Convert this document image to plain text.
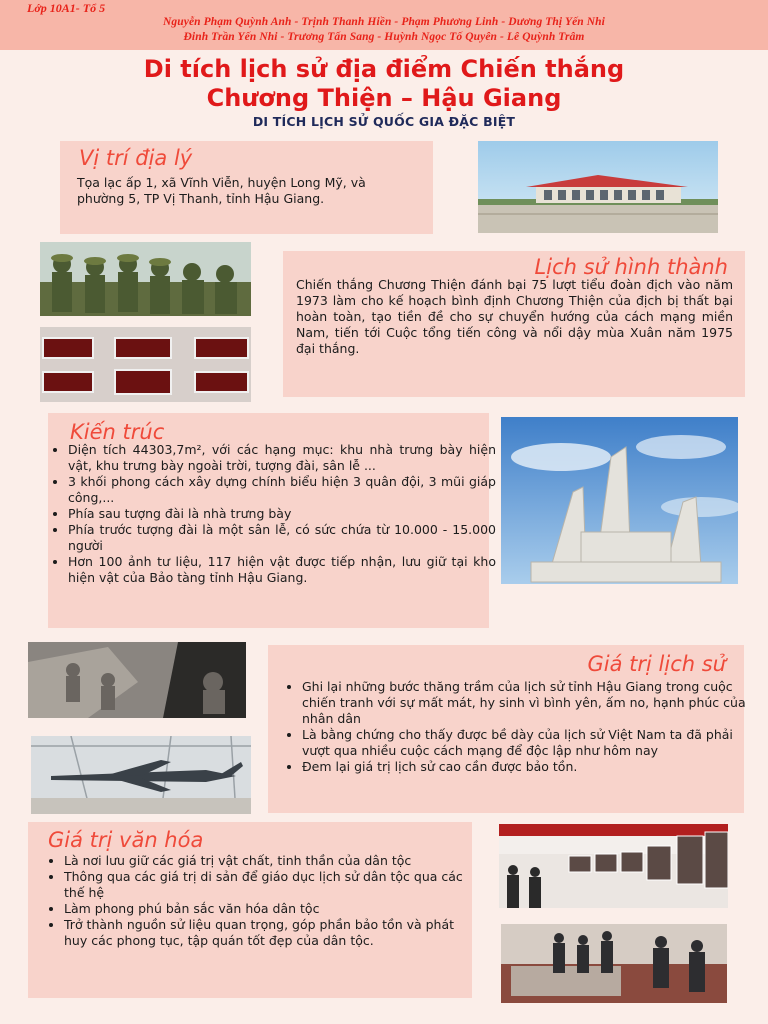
Lớp 10A1- Tổ 5
Nguyễn Phạm Quỳnh Anh - Trịnh Thanh Hiền - Phạm Phương Linh - Dương Thị Yến Nhi
Đinh Trần Yến Nhi - Trương Tấn Sang - Huỳnh Ngọc Tố Quyên - Lê Quỳnh Trâm
Di tích lịch sử địa điểm Chiến thắng
Chương Thiện – Hậu Giang
DI TÍCH LỊCH SỬ QUỐC GIA ĐẶC BIỆT
Vị trí địa lý
Tọa lạc ấp 1, xã Vĩnh Viễn, huyện Long Mỹ, và phường 5, TP Vị Thanh, tỉnh Hậu Giang.
Lịch sử hình thành
Chiến thắng Chương Thiện đánh bại 75 lượt tiểu đoàn địch vào năm 1973 làm cho kế hoạch bình định Chương Thiện của địch bị thất bại hoàn toàn, tạo tiền đề cho sự chuyển hướng của cách mạng miền Nam, tiến tới Cuộc tổng tiến công và nổi dậy mùa Xuân năm 1975 đại thắng.
Kiến trúc
• Diện tích 44303,7m², với các hạng mục: khu nhà trưng bày hiện vật, khu trưng bày ngoài trời, tượng đài, sân lễ ...
• 3 khối phong cách xây dựng chính biểu hiện 3 quân đội, 3 mũi giáp công,...
• Phía sau tượng đài là nhà trưng bày
• Phía trước tượng đài là một sân lễ, có sức chứa từ 10.000 - 15.000 người
• Hơn 100 ảnh tư liệu, 117 hiện vật được tiếp nhận, lưu giữ tại kho hiện vật của Bảo tàng tỉnh Hậu Giang.
Giá trị lịch sử
• Ghi lại những bước thăng trầm của lịch sử tỉnh Hậu Giang trong cuộc chiến tranh với sự mất mát, hy sinh vì bình yên, ấm no, hạnh phúc của nhân dân
• Là bằng chứng cho thấy được bề dày của lịch sử Việt Nam ta đã phải vượt qua nhiều cuộc cách mạng để độc lập như hôm nay
• Đem lại giá trị lịch sử cao cần được bảo tồn.
Giá trị văn hóa
• Là nơi lưu giữ các giá trị vật chất, tinh thần của dân tộc
• Thông qua các giá trị di sản để giáo dục lịch sử dân tộc qua các thế hệ
• Làm phong phú bản sắc văn hóa dân tộc
• Trở thành nguồn sử liệu quan trọng, góp phần bảo tồn và phát huy các phong tục, tập quán tốt đẹp của dân tộc.
